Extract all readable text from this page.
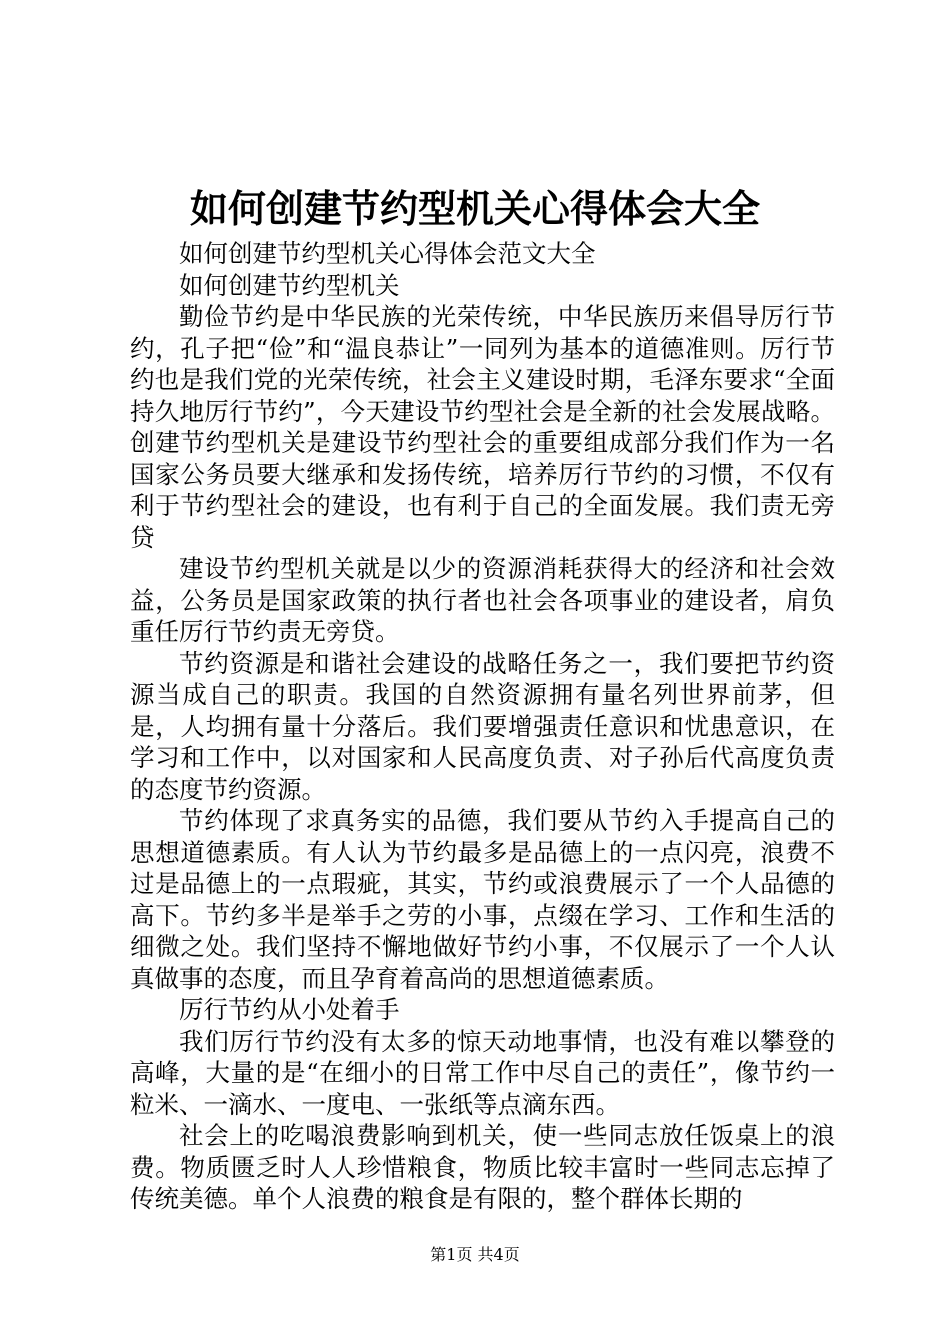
如何创建节约型机关心得体会大全

如何创建节约型机关心得体会范文大全

如何创建节约型机关

勤俭节约是中华民族的光荣传统，中华民族历来倡导厉行节约，孔子把“俭”和“温良恭让”一同列为基本的道德准则。厉行节约也是我们党的光荣传统，社会主义建设时期，毛泽东要求“全面持久地厉行节约”，今天建设节约型社会是全新的社会发展战略。创建节约型机关是建设节约型社会的重要组成部分我们作为一名国家公务员要大继承和发扬传统，培养厉行节约的习惯，不仅有利于节约型社会的建设，也有利于自己的全面发展。我们责无旁贷

建设节约型机关就是以少的资源消耗获得大的经济和社会效益，公务员是国家政策的执行者也社会各项事业的建设者，肩负重任厉行节约责无旁贷。

节约资源是和谐社会建设的战略任务之一，我们要把节约资源当成自己的职责。我国的自然资源拥有量名列世界前茅，但是，人均拥有量十分落后。我们要增强责任意识和忧患意识，在学习和工作中，以对国家和人民高度负责、对子孙后代高度负责的态度节约资源。

节约体现了求真务实的品德，我们要从节约入手提高自己的思想道德素质。有人认为节约最多是品德上的一点闪亮，浪费不过是品德上的一点瑕疵，其实，节约或浪费展示了一个人品德的高下。节约多半是举手之劳的小事，点缀在学习、工作和生活的细微之处。我们坚持不懈地做好节约小事，不仅展示了一个人认真做事的态度，而且孕育着高尚的思想道德素质。

厉行节约从小处着手

我们厉行节约没有太多的惊天动地事情，也没有难以攀登的高峰，大量的是“在细小的日常工作中尽自己的责任”，像节约一粒米、一滴水、一度电、一张纸等点滴东西。

社会上的吃喝浪费影响到机关，使一些同志放任饭桌上的浪费。物质匮乏时人人珍惜粮食，物质比较丰富时一些同志忘掉了传统美德。单个人浪费的粮食是有限的，整个群体长期的

第1页 共4页
